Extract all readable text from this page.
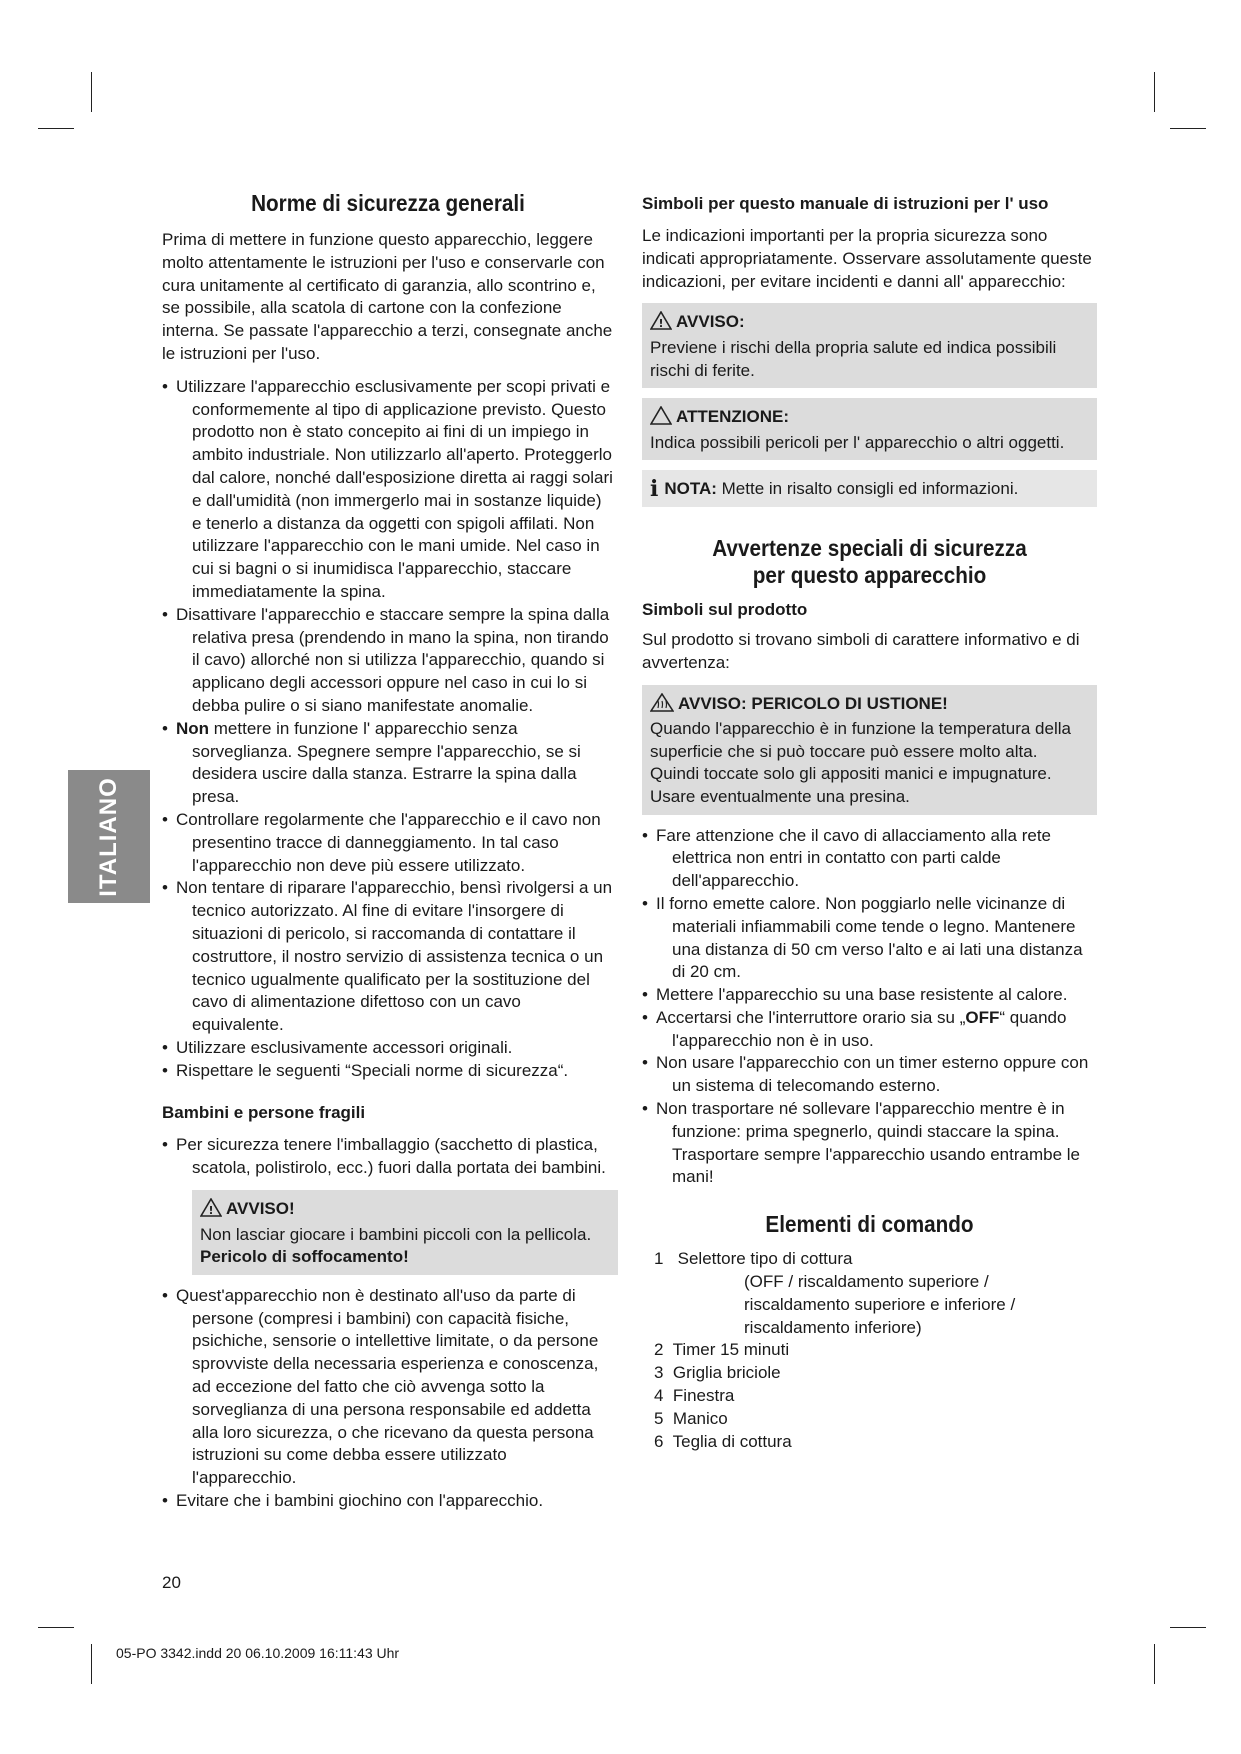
ITALIANO
Norme di sicurezza generali

Prima di mettere in funzione questo apparecchio, leggere molto attentamente le istruzioni per l'uso e conservarle con cura unitamente al certificato di garanzia, allo scontrino e, se possibile, alla scatola di cartone con la confezione interna. Se passate l'apparecchio a terzi, consegnate anche le istruzioni per l'uso.

• Utilizzare l'apparecchio esclusivamente per scopi privati e conformemente al tipo di applicazione previsto. Questo prodotto non è stato concepito ai fini di un impiego in ambito industriale. Non utilizzarlo all'aperto. Proteggerlo dal calore, nonché dall'esposizione diretta ai raggi solari e dall'umidità (non immergerlo mai in sostanze liquide) e tenerlo a distanza da oggetti con spigoli affilati. Non utilizzare l'apparecchio con le mani umide. Nel caso in cui si bagni o si inumidisca l'apparecchio, staccare immediatamente la spina.
• Disattivare l'apparecchio e staccare sempre la spina dalla relativa presa (prendendo in mano la spina, non tirando il cavo) allorché non si utilizza l'apparecchio, quando si applicano degli accessori oppure nel caso in cui lo si debba pulire o si siano manifestate anomalie.
• Non mettere in funzione l' apparecchio senza sorveglianza. Spegnere sempre l'apparecchio, se si desidera uscire dalla stanza. Estrarre la spina dalla presa.
• Controllare regolarmente che l'apparecchio e il cavo non presentino tracce di danneggiamento. In tal caso l'apparecchio non deve più essere utilizzato.
• Non tentare di riparare l'apparecchio, bensì rivolgersi a un tecnico autorizzato. Al fine di evitare l'insorgere di situazioni di pericolo, si raccomanda di contattare il costruttore, il nostro servizio di assistenza tecnica o un tecnico ugualmente qualificato per la sostituzione del cavo di alimentazione difettoso con un cavo equivalente.
• Utilizzare esclusivamente accessori originali.
• Rispettare le seguenti “Speciali norme di sicurezza“.
Bambini e persone fragili
• Per sicurezza tenere l'imballaggio (sacchetto di plastica, scatola, polistirolo, ecc.) fuori dalla portata dei bambini.
! AVVISO!
Non lasciar giocare i bambini piccoli con la pellicola.
Pericolo di soffocamento!
• Quest'apparecchio non è destinato all'uso da parte di persone (compresi i bambini) con capacità fisiche, psichiche, sensorie o intellettive limitate, o da persone sprovviste della necessaria esperienza e conoscenza, ad eccezione del fatto che ciò avvenga sotto la sorveglianza di una persona responsabile ed addetta alla loro sicurezza, o che ricevano da questa persona istruzioni su come debba essere utilizzato l'apparecchio.
• Evitare che i bambini giochino con l'apparecchio.
Simboli per questo manuale di istruzioni per l' uso

Le indicazioni importanti per la propria sicurezza sono indicati appropriatamente. Osservare assolutamente queste indicazioni, per evitare incidenti e danni all' apparecchio:

! AVVISO:
Previene i rischi della propria salute ed indica possibili rischi di ferite.
ATTENZIONE:
Indica possibili pericoli per l' apparecchio o altri oggetti.
i NOTA: Mette in risalto consigli ed informazioni.
Avvertenze speciali di sicurezza
per questo apparecchio
Simboli sul prodotto

Sul prodotto si trovano simboli di carattere informativo e di avvertenza:

AVVISO: PERICOLO DI USTIONE!
Quando l'apparecchio è in funzione la temperatura della superficie che si può toccare può essere molto alta. Quindi toccate solo gli appositi manici e impugnature. Usare eventualmente una presina.
• Fare attenzione che il cavo di allacciamento alla rete elettrica non entri in contatto con parti calde dell'apparecchio.
• Il forno emette calore. Non poggiarlo nelle vicinanze di materiali infiammabili come tende o legno. Mantenere una distanza di 50 cm verso l'alto e ai lati una distanza di 20 cm.
• Mettere l'apparecchio su una base resistente al calore.
• Accertarsi che l'interruttore orario sia su „OFF“ quando l'apparecchio non è in uso.
• Non usare l'apparecchio con un timer esterno oppure con un sistema di telecomando esterno.
• Non trasportare né sollevare l'apparecchio mentre è in funzione: prima spegnerlo, quindi staccare la spina. Trasportare sempre l'apparecchio usando entrambe le mani!
Elementi di comando
1 Selettore tipo di cottura
(OFF / riscaldamento superiore / riscaldamento superiore e inferiore / riscaldamento inferiore)
2 Timer 15 minuti
3 Griglia briciole
4 Finestra
5 Manico
6 Teglia di cottura
20
05-PO 3342.indd 20 06.10.2009 16:11:43 Uhr
